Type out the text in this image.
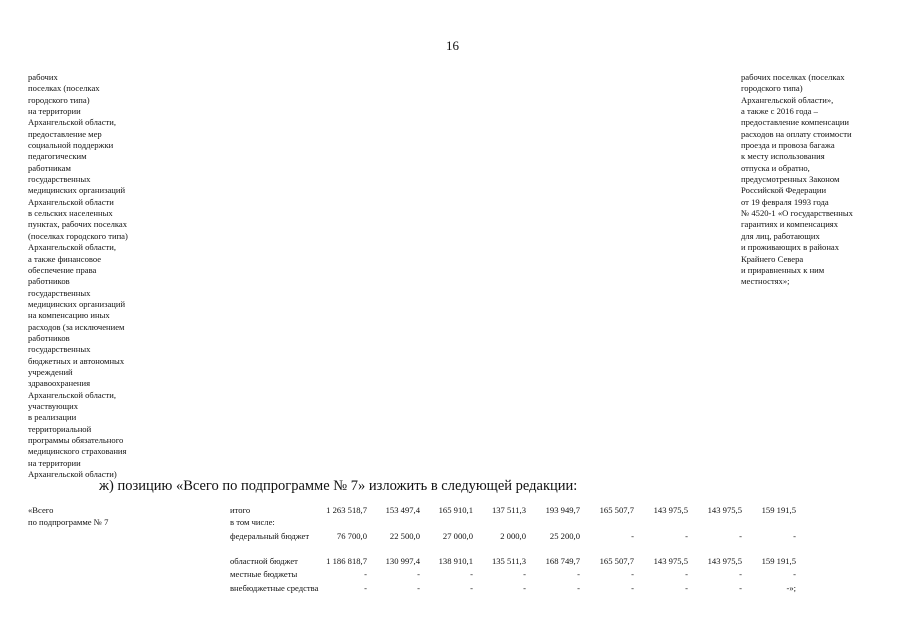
16
рабочих
поселках (поселках
городского типа)
на территории
Архангельской области,
предоставление мер
социальной поддержки
педагогическим
работникам
государственных
медицинских организаций
Архангельской области
в сельских населенных
пунктах, рабочих поселках
(поселках городского типа)
Архангельской области,
а также финансовое
обеспечение права
работников
государственных
медицинских организаций
на компенсацию иных
расходов (за исключением
работников
государственных
бюджетных и автономных
учреждений
здравоохранения
Архангельской области,
участвующих
в реализации
территориальной
программы обязательного
медицинского страхования
на территории
Архангельской области)
рабочих поселках (поселках
городского типа)
Архангельской области»,
а также с 2016 года –
предоставление компенсации
расходов на оплату стоимости
проезда и провоза багажа
к месту использования
отпуска и обратно,
предусмотренных Законом
Российской Федерации
от 19 февраля 1993 года
№ 4520-1 «О государственных
гарантиях и компенсациях
для лиц, работающих
и проживающих в районах
Крайнего Севера
и приравненных к ним
местностях»;
ж) позицию «Всего по подпрограмме № 7» изложить в следующей редакции:
«Всего
по подпрограмме № 7
итого	1 263 518,7	153 497,4	165 910,1	137 511,3	193 949,7	165 507,7	143 975,5	143 975,5	159 191,5
в том числе:
федеральный бюджет	76 700,0	22 500,0	27 000,0	2 000,0	25 200,0	-	-	-	-
областной бюджет	1 186 818,7	130 997,4	138 910,1	135 511,3	168 749,7	165 507,7	143 975,5	143 975,5	159 191,5
местные бюджеты	-	-	-	-	-	-	-	-	-
внебюджетные средства	-	-	-	-	-	-	-	-	-»;
